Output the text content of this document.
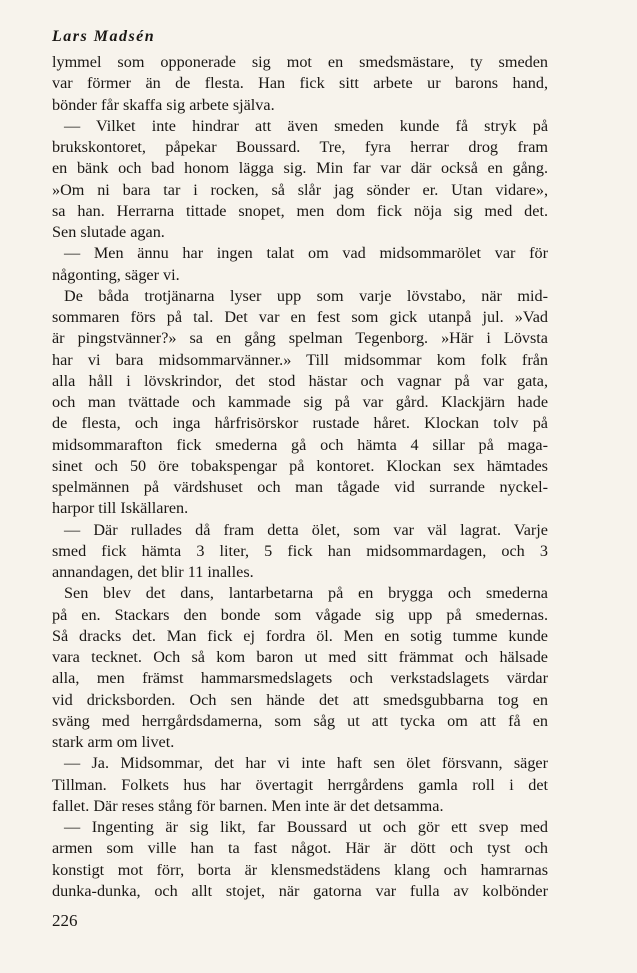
Lars Madsén
lymmel som opponerade sig mot en smedsmästare, ty smeden
var förmer än de flesta. Han fick sitt arbete ur barons hand,
bönder får skaffa sig arbete själva.
— Vilket inte hindrar att även smeden kunde få stryk på
brukskontoret, påpekar Boussard. Tre, fyra herrar drog fram
en bänk och bad honom lägga sig. Min far var där också en gång.
»Om ni bara tar i rocken, så slår jag sönder er. Utan vidare»,
sa han. Herrarna tittade snopet, men dom fick nöja sig med det.
Sen slutade agan.
— Men ännu har ingen talat om vad midsommarölet var för
någonting, säger vi.
De båda trotjänarna lyser upp som varje lövstabo, när mid-
sommaren förs på tal. Det var en fest som gick utanpå jul. »Vad
är pingstvänner?» sa en gång spelman Tegenborg. »Här i Lövsta
har vi bara midsommarvänner.» Till midsommar kom folk från
alla håll i lövskrindor, det stod hästar och vagnar på var gata,
och man tvättade och kammade sig på var gård. Klackjärn hade
de flesta, och inga hårfrisörskor rustade håret. Klockan tolv på
midsommarafton fick smederna gå och hämta 4 sillar på maga-
sinet och 50 öre tobakspengar på kontoret. Klockan sex hämtades
spelmännen på värdshuset och man tågade vid surrande nyckel-
harpor till Iskällaren.
— Där rullades då fram detta ölet, som var väl lagrat. Varje
smed fick hämta 3 liter, 5 fick han midsommardagen, och 3
annandagen, det blir 11 inalles.
Sen blev det dans, lantarbetarna på en brygga och smederna
på en. Stackars den bonde som vågade sig upp på smedernas.
Så dracks det. Man fick ej fordra öl. Men en sotig tumme kunde
vara tecknet. Och så kom baron ut med sitt främmat och hälsade
alla, men främst hammarsmedslagets och verkstadslagets värdar
vid dricksborden. Och sen hände det att smedsgubbarna tog en
sväng med herrgårdsdamerna, som såg ut att tycka om att få en
stark arm om livet.
— Ja. Midsommar, det har vi inte haft sen ölet försvann, säger
Tillman. Folkets hus har övertagit herrgårdens gamla roll i det
fallet. Där reses stång för barnen. Men inte är det detsamma.
— Ingenting är sig likt, far Boussard ut och gör ett svep med
armen som ville han ta fast något. Här är dött och tyst och
konstigt mot förr, borta är klensmedstädens klang och hamrarnas
dunka-dunka, och allt stojet, när gatorna var fulla av kolbönder
226
